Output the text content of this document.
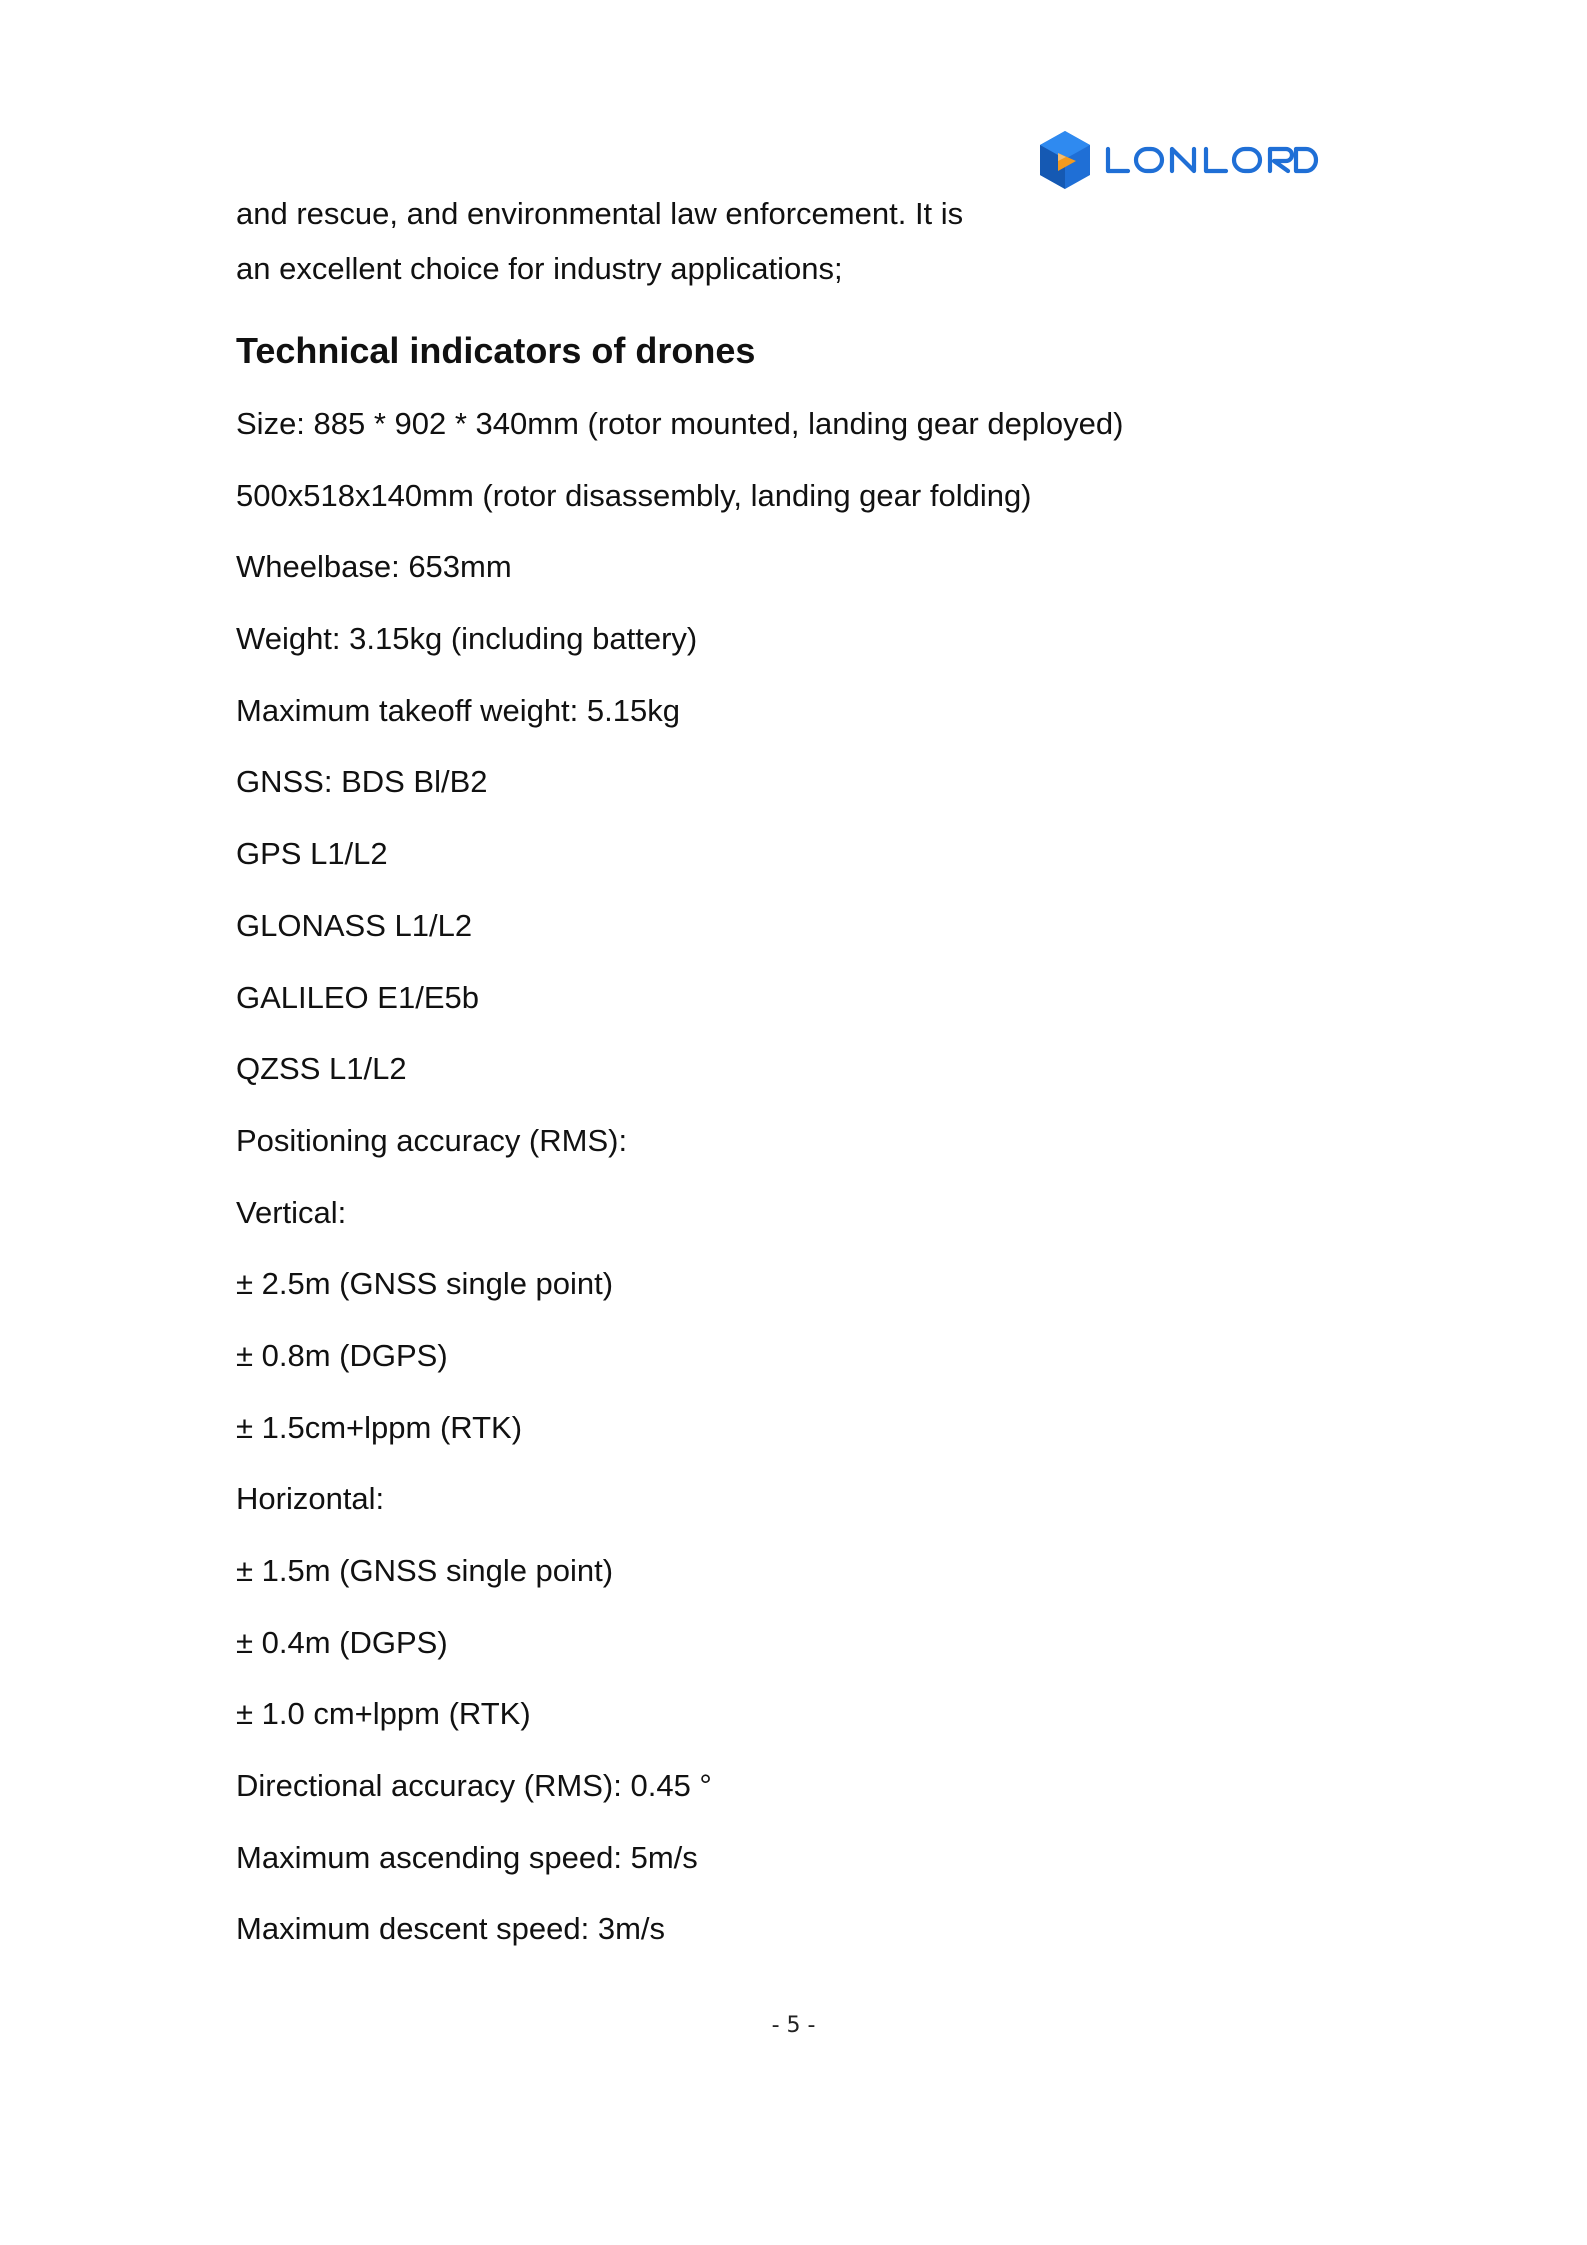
and rescue, and environmental law enforcement. It is
an excellent choice for industry applications;
Technical indicators of drones
Size: 885 * 902 * 340mm (rotor mounted, landing gear deployed)
500x518x140mm (rotor disassembly, landing gear folding)
Wheelbase: 653mm
Weight: 3.15kg (including battery)
Maximum takeoff weight: 5.15kg
GNSS: BDS Bl/B2
GPS L1/L2
GLONASS L1/L2
GALILEO E1/E5b
QZSS L1/L2
Positioning accuracy (RMS):
Vertical:
± 2.5m (GNSS single point)
± 0.8m (DGPS)
± 1.5cm+lppm (RTK)
Horizontal:
± 1.5m (GNSS single point)
± 0.4m (DGPS)
± 1.0 cm+lppm (RTK)
Directional accuracy (RMS): 0.45 °
Maximum ascending speed: 5m/s
Maximum descent speed: 3m/s
- 5 -
